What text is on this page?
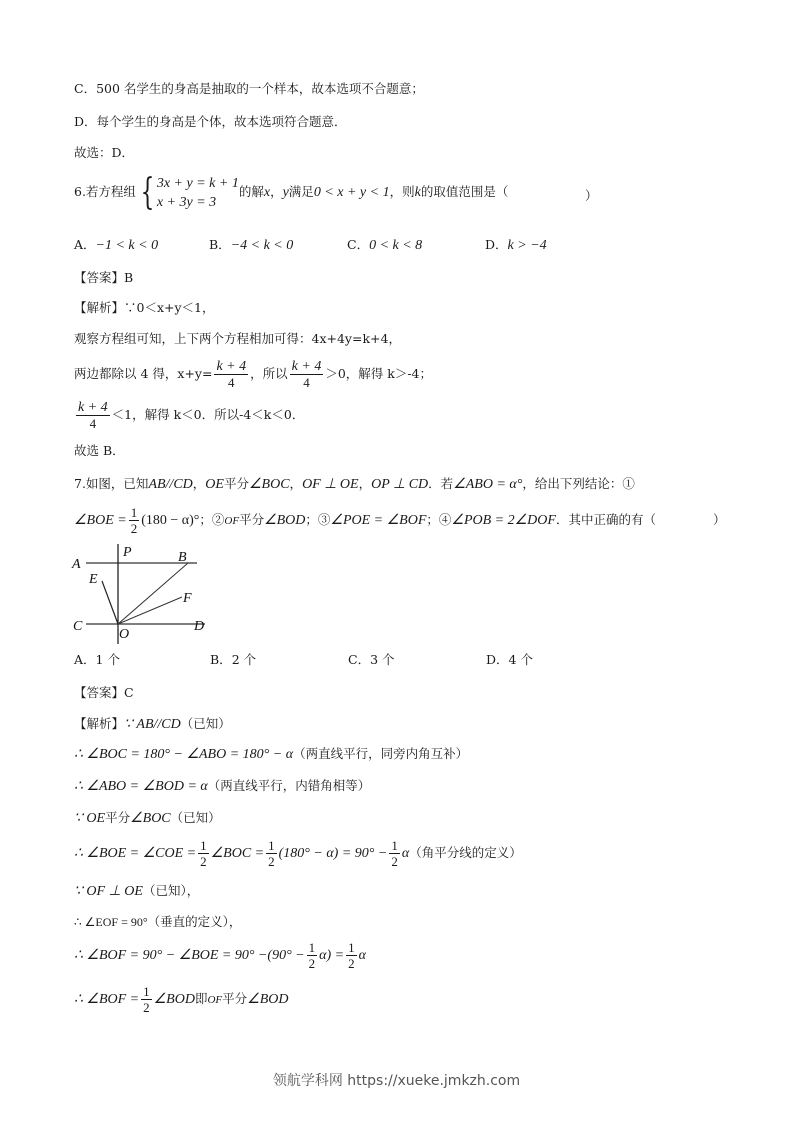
C．500 名学生的身高是抽取的一个样本，故本选项不合题意；
D．每个学生的身高是个体，故本选项符合题意．
故选：D．
6.若方程组 { 3x + y = k + 1
x + 3y = 3
的解x，y满足0 < x + y < 1，则k的取值范围是（	）
A．−1 < k < 0	B．−4 < k < 0	C．0 < k < 8	D．k > −4
【答案】B
【解析】∵0＜x+y＜1，
观察方程组可知，上下两个方程相加可得：4x+4y=k+4，
两边都除以 4 得，$x+y= \frac{k + 4}{4}$ ，所以 $\frac{k + 4}{4} >0$，解得 k＞-4；
$\frac{k + 4}{4} <1$，解得 k＜0．所以-4＜k＜0．
故选 B．
7.如图，已知AB//CD，OE平分∠BOC，OF ⊥ OE，OP ⊥ CD．若∠ABO = α°，给出下列结论：①
∠BOE = $\frac{1}{2} (180 - \alpha)^\circ$；②OF平分∠BOD；③∠POE = ∠BOF；④∠POB = 2∠DOF．其中正确的有（	）
A
P	B
E
F
C
O
D
A．1 个	B．2 个	C．3 个	D．4 个
【答案】C
【解析】∵ AB//CD（已知）
∴ ∠BOC = 180° − ∠ABO = 180° − α（两直线平行，同旁内角互补）
∴ ∠ABO = ∠BOD = α（两直线平行，内错角相等）
∵ OE平分∠BOC（已知）
∴ ∠BOE = ∠COE = $\frac{1}{2}$ ∠BOC = $\frac{1}{2} (180^\circ - \alpha) = 90^\circ - \frac{1}{2} \alpha$（角平分线的定义）
∵ OF ⊥ OE（已知），
∴ ∠EOF = 90°（垂直的定义），
∴ ∠BOF = 90° − ∠BOE = $90^\circ -(90^\circ - \frac{1}{2} \alpha) = \frac{1}{2}$ α
∴ ∠BOF = $\frac{1}{2}$ ∠BOD即OF平分∠BOD
领航学科网 https://xueke.jmkzh.com
